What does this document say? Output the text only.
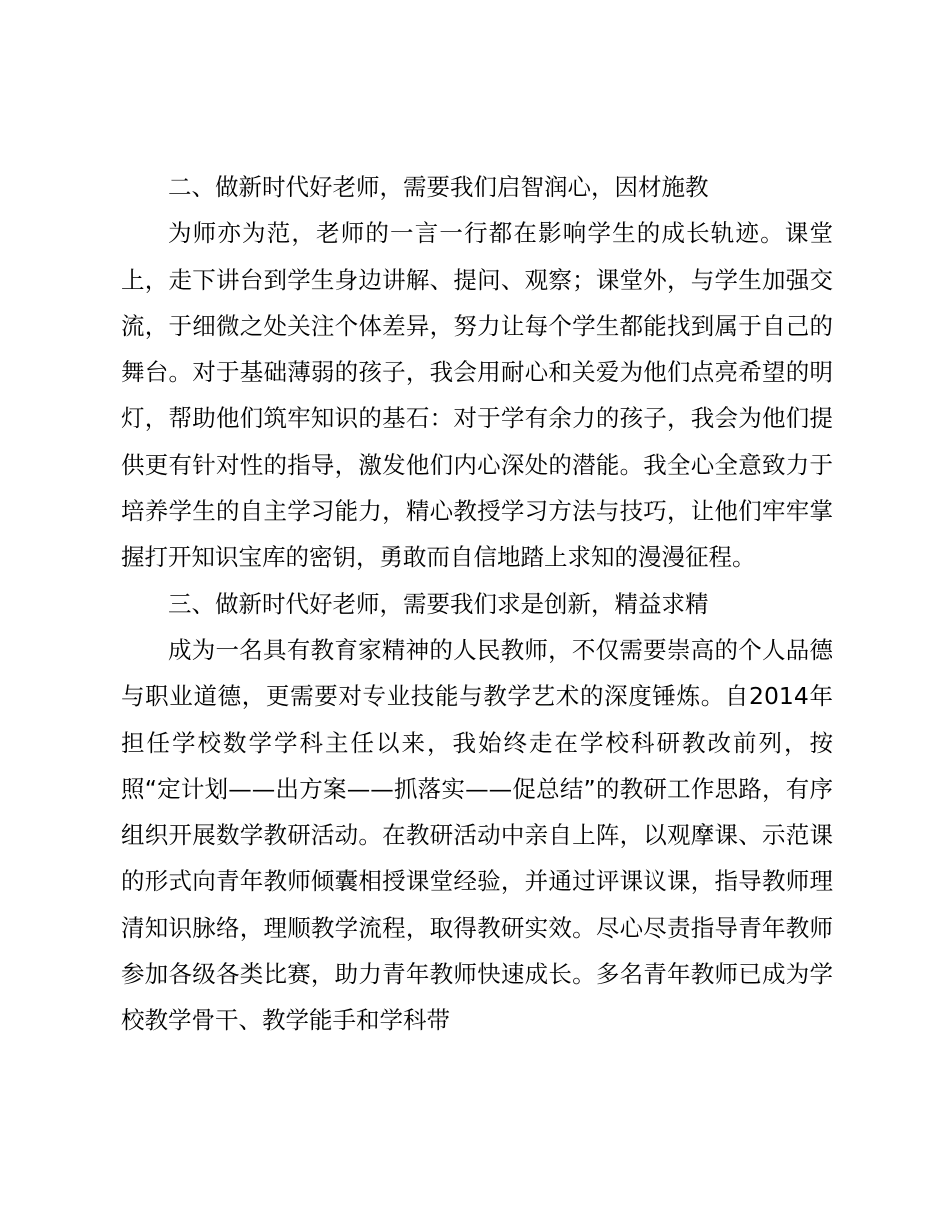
二、做新时代好老师，需要我们启智润心，因材施教

为师亦为范，老师的一言一行都在影响学生的成长轨迹。课堂上，走下讲台到学生身边讲解、提问、观察；课堂外，与学生加强交流，于细微之处关注个体差异，努力让每个学生都能找到属于自己的舞台。对于基础薄弱的孩子，我会用耐心和关爱为他们点亮希望的明灯，帮助他们筑牢知识的基石：对于学有余力的孩子，我会为他们提供更有针对性的指导，激发他们内心深处的潜能。我全心全意致力于培养学生的自主学习能力，精心教授学习方法与技巧，让他们牢牢掌握打开知识宝库的密钥，勇敢而自信地踏上求知的漫漫征程。

三、做新时代好老师，需要我们求是创新，精益求精

成为一名具有教育家精神的人民教师，不仅需要崇高的个人品德与职业道德，更需要对专业技能与教学艺术的深度锤炼。自2014年担任学校数学学科主任以来，我始终走在学校科研教改前列，按照“定计划——出方案——抓落实——促总结”的教研工作思路，有序组织开展数学教研活动。在教研活动中亲自上阵，以观摩课、示范课的形式向青年教师倾囊相授课堂经验，并通过评课议课，指导教师理清知识脉络，理顺教学流程，取得教研实效。尽心尽责指导青年教师参加各级各类比赛，助力青年教师快速成长。多名青年教师已成为学校教学骨干、教学能手和学科带
